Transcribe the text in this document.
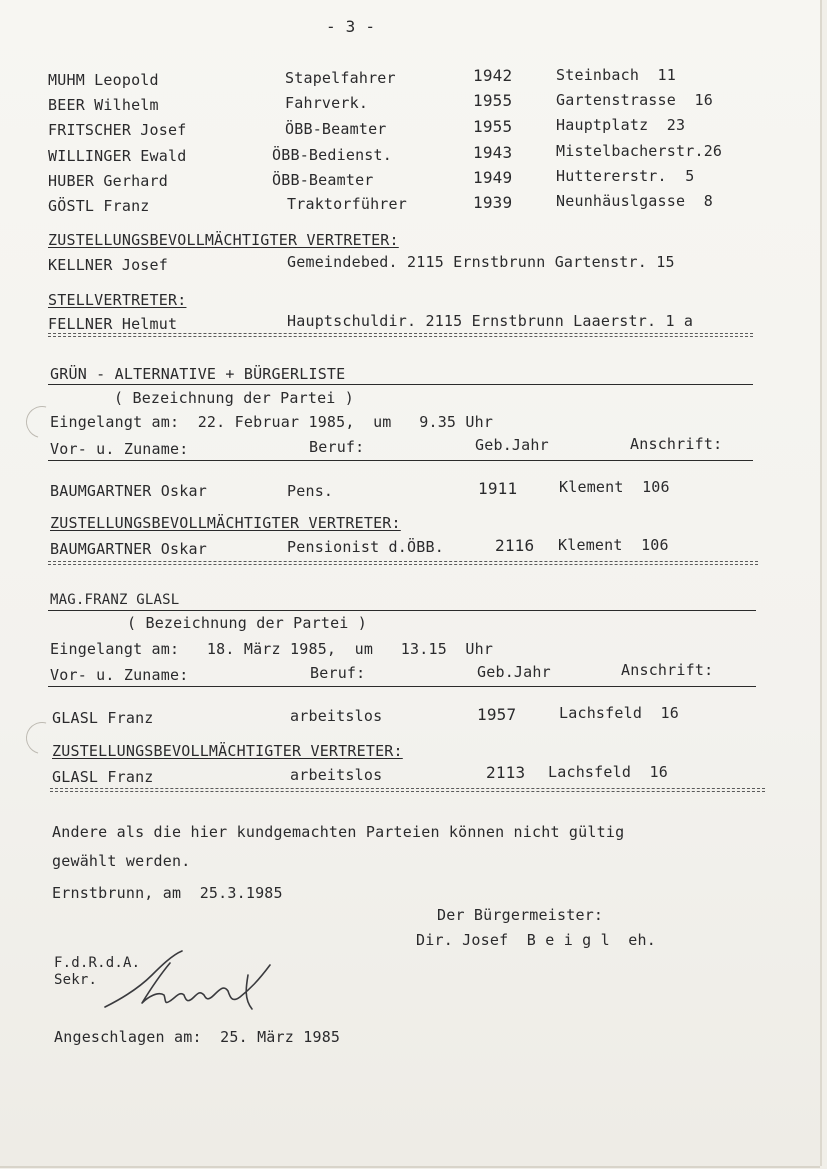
- 3 -
MUHM Leopold	Stapelfahrer	1942	Steinbach  11
BEER Wilhelm	Fahrverk.	1955	Gartenstrasse  16
FRITSCHER Josef	ÖBB-Beamter	1955	Hauptplatz  23
WILLINGER Ewald	ÖBB-Bedienst.	1943	Mistelbacherstr.26
HUBER Gerhard	ÖBB-Beamter	1949	Huttererstr.  5
GÖSTL Franz	Traktorführer	1939	Neunhäuslgasse  8
ZUSTELLUNGSBEVOLLMÄCHTIGTER VERTRETER:
KELLNER Josef	Gemeindebed. 2115 Ernstbrunn Gartenstr. 15
STELLVERTRETER:
FELLNER Helmut	Hauptschuldir. 2115 Ernstbrunn Laaerstr. 1 a
GRÜN - ALTERNATIVE + BÜRGERLISTE
( Bezeichnung der Partei )
Eingelangt am:  22. Februar 1985,  um   9.35 Uhr
Vor- u. Zuname:	Beruf:	Geb.Jahr	Anschrift:
BAUMGARTNER Oskar	Pens.	1911	Klement  106
ZUSTELLUNGSBEVOLLMÄCHTIGTER VERTRETER:
BAUMGARTNER Oskar	Pensionist d.ÖBB.	2116 Klement  106
MAG.FRANZ GLASL
( Bezeichnung der Partei )
Eingelangt am:   18. März 1985,  um   13.15  Uhr
Vor- u. Zuname:	Beruf:	Geb.Jahr	Anschrift:
GLASL Franz	arbeitslos	1957	Lachsfeld  16
ZUSTELLUNGSBEVOLLMÄCHTIGTER VERTRETER:
GLASL Franz	arbeitslos	2113 Lachsfeld  16
Andere als die hier kundgemachten Parteien können nicht gültig
gewählt werden.
Ernstbrunn, am  25.3.1985
Der Bürgermeister:
Dir. Josef  B e i g l  eh.
F.d.R.d.A.
Sekr.
Angeschlagen am:  25. März 1985
